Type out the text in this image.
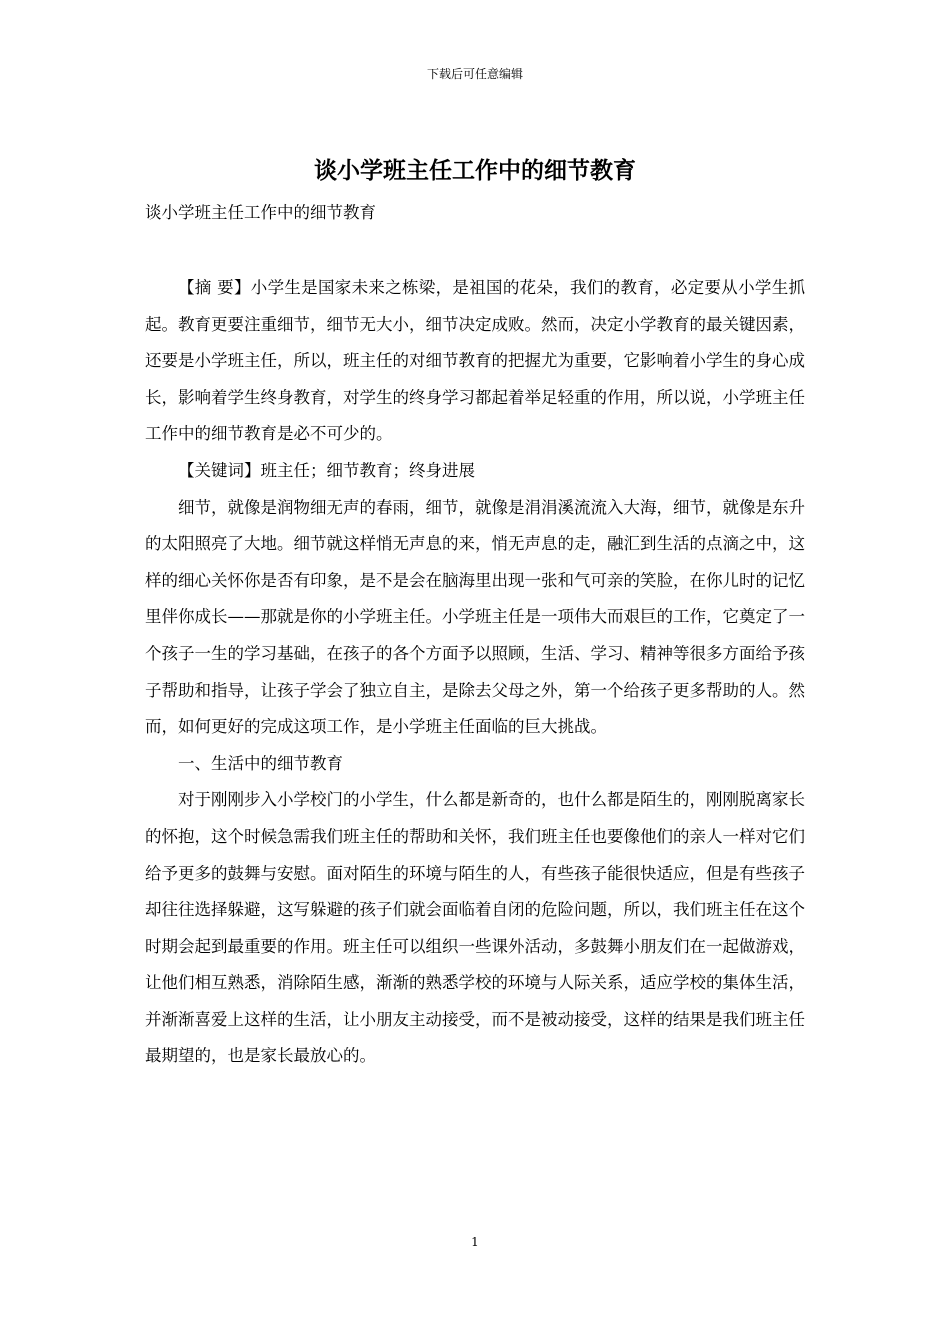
下载后可任意编辑
谈小学班主任工作中的细节教育
谈小学班主任工作中的细节教育

【摘 要】小学生是国家未来之栋梁，是祖国的花朵，我们的教育，必定要从小学生抓起。教育更要注重细节，细节无大小，细节决定成败。然而，决定小学教育的最关键因素，还要是小学班主任，所以，班主任的对细节教育的把握尤为重要，它影响着小学生的身心成长，影响着学生终身教育，对学生的终身学习都起着举足轻重的作用，所以说，小学班主任工作中的细节教育是必不可少的。

【关键词】班主任；细节教育；终身进展

细节，就像是润物细无声的春雨，细节，就像是涓涓溪流流入大海，细节，就像是东升的太阳照亮了大地。细节就这样悄无声息的来，悄无声息的走，融汇到生活的点滴之中，这样的细心关怀你是否有印象，是不是会在脑海里出现一张和气可亲的笑脸，在你儿时的记忆里伴你成长——那就是你的小学班主任。小学班主任是一项伟大而艰巨的工作，它奠定了一个孩子一生的学习基础，在孩子的各个方面予以照顾，生活、学习、精神等很多方面给予孩子帮助和指导，让孩子学会了独立自主，是除去父母之外，第一个给孩子更多帮助的人。然而，如何更好的完成这项工作，是小学班主任面临的巨大挑战。

一、生活中的细节教育

对于刚刚步入小学校门的小学生，什么都是新奇的，也什么都是陌生的，刚刚脱离家长的怀抱，这个时候急需我们班主任的帮助和关怀，我们班主任也要像他们的亲人一样对它们给予更多的鼓舞与安慰。面对陌生的环境与陌生的人，有些孩子能很快适应，但是有些孩子却往往选择躲避，这写躲避的孩子们就会面临着自闭的危险问题，所以，我们班主任在这个时期会起到最重要的作用。班主任可以组织一些课外活动，多鼓舞小朋友们在一起做游戏，让他们相互熟悉，消除陌生感，渐渐的熟悉学校的环境与人际关系，适应学校的集体生活，并渐渐喜爱上这样的生活，让小朋友主动接受，而不是被动接受，这样的结果是我们班主任最期望的，也是家长最放心的。

1
